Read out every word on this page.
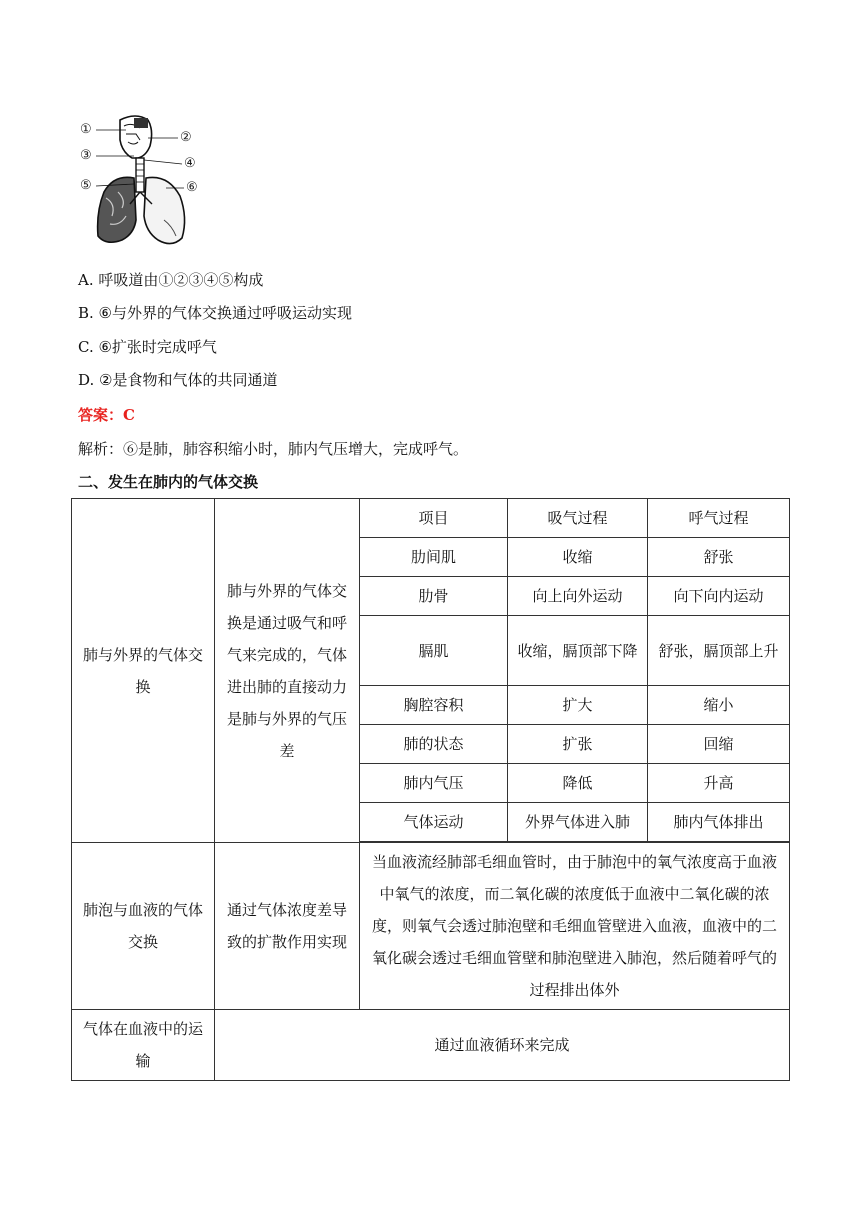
①
②
③
④
⑤	⑥
A. 呼吸道由①②③④⑤构成
B. ⑥与外界的气体交换通过呼吸运动实现
C. ⑥扩张时完成呼气
D. ②是食物和气体的共同通道
答案：C
解析：⑥是肺，肺容积缩小时，肺内气压增大，完成呼气。
二、发生在肺内的气体交换
肺与外界的气体交换	肺与外界的气体交换是通过吸气和呼气来完成的，气体进出肺的直接动力是肺与外界的气压差	项目	吸气过程	呼气过程
		肋间肌	收缩	舒张
		肋骨	向上向外运动	向下向内运动
		膈肌	收缩，膈顶部下降	舒张，膈顶部上升
		胸腔容积	扩大	缩小
		肺的状态	扩张	回缩
		肺内气压	降低	升高
		气体运动	外界气体进入肺	肺内气体排出

肺泡与血液的气体交换	通过气体浓度差导致的扩散作用实现	当血液流经肺部毛细血管时，由于肺泡中的氧气浓度高于血液中氧气的浓度，而二氧化碳的浓度低于血液中二氧化碳的浓度，则氧气会透过肺泡壁和毛细血管壁进入血液，血液中的二氧化碳会透过毛细血管壁和肺泡壁进入肺泡，然后随着呼气的过程排出体外		
气体在血液中的运输	通过血液循环来完成			
